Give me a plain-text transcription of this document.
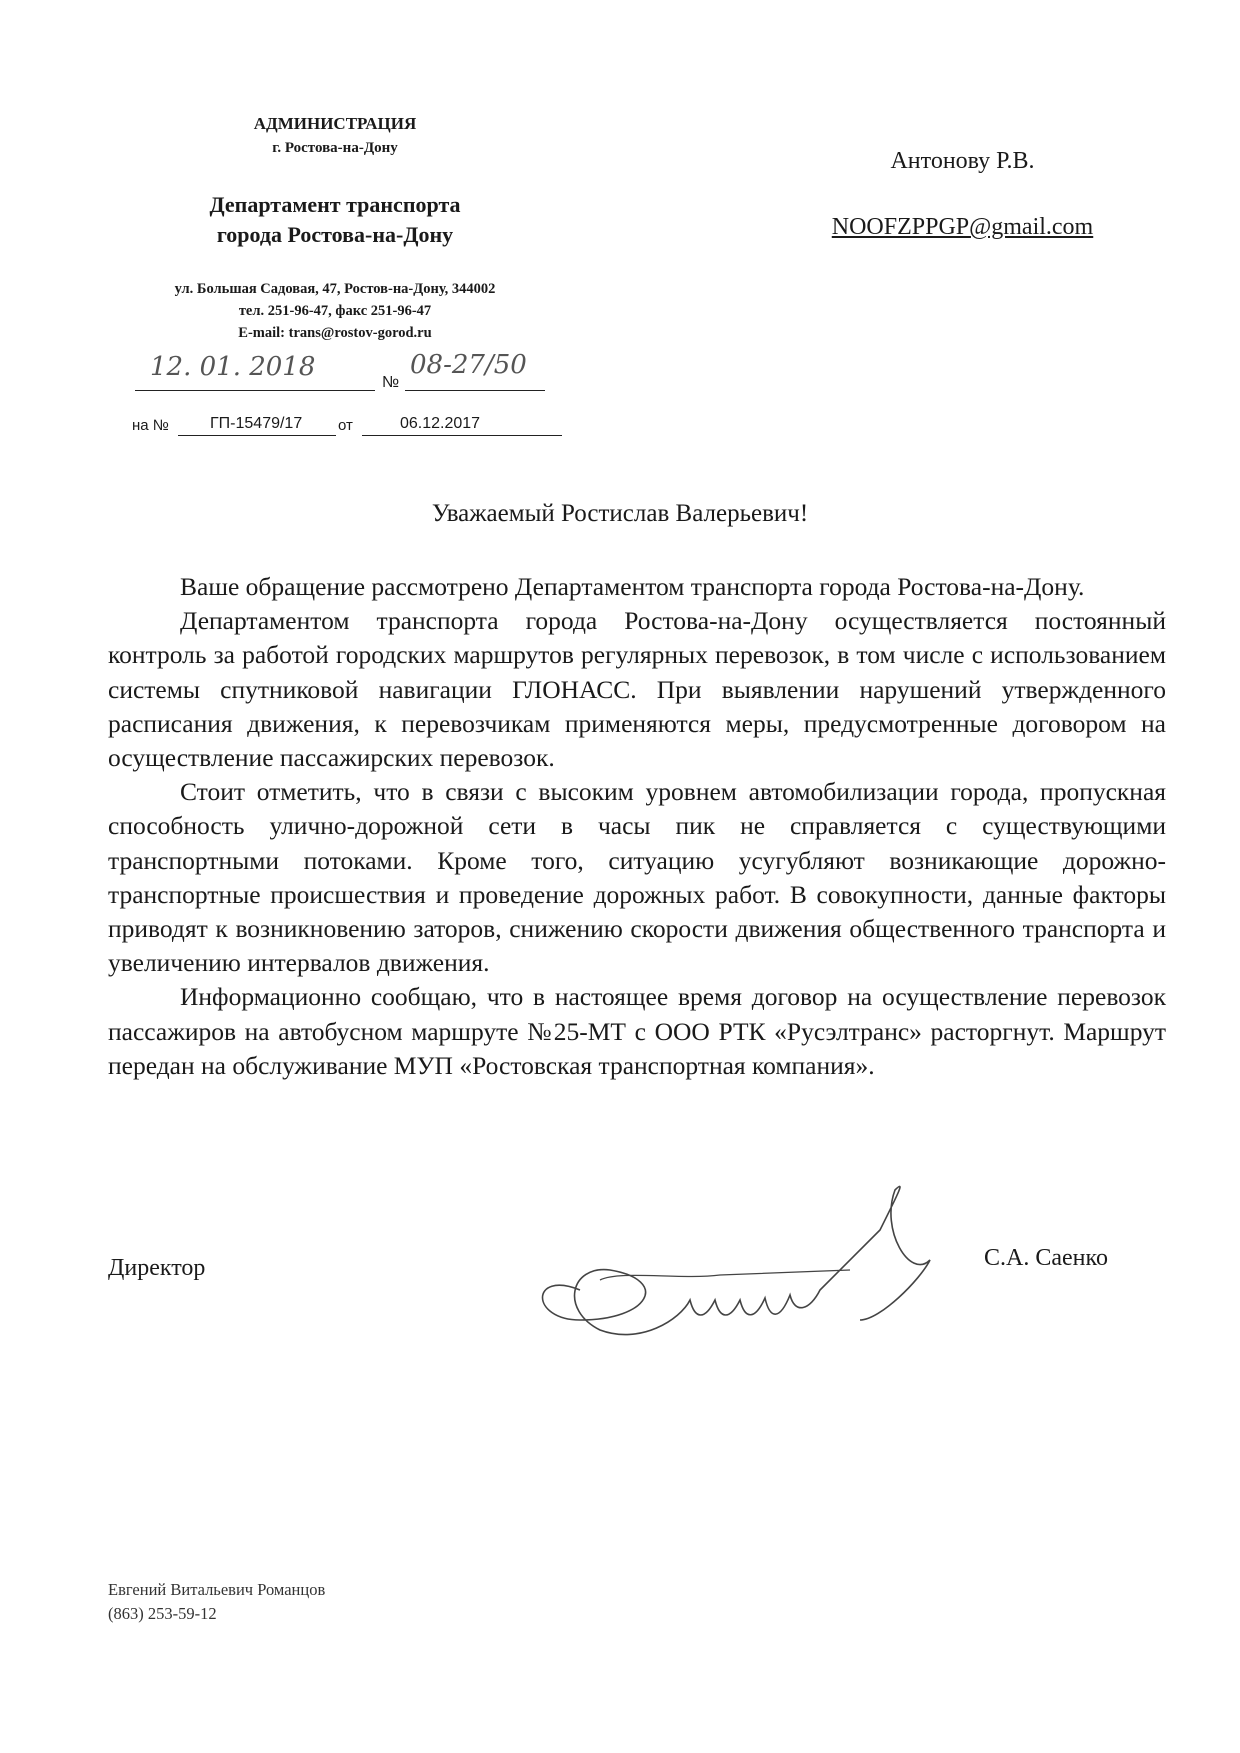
АДМИНИСТРАЦИЯ
г. Ростова-на-Дону
Департамент транспорта
города Ростова-на-Дону
ул. Большая Садовая, 47, Ростов-на-Дону, 344002
тел. 251-96-47, факс 251-96-47
E-mail: trans@rostov-gorod.ru
12. 01. 2018
№
08-27/50
на №	ГП-15479/17 от	06.12.2017
Антонову Р.В.
NOOFZPPGP@gmail.com
Уважаемый Ростислав Валерьевич!

Ваше обращение рассмотрено Департаментом транспорта города Ростова-на-Дону.

Департаментом транспорта города Ростова-на-Дону осуществляется постоянный контроль за работой городских маршрутов регулярных перевозок, в том числе с использованием системы спутниковой навигации ГЛОНАСС. При выявлении нарушений утвержденного расписания движения, к перевозчикам применяются меры, предусмотренные договором на осуществление пассажирских перевозок.

Стоит отметить, что в связи с высоким уровнем автомобилизации города, пропускная способность улично-дорожной сети в часы пик не справляется с существующими транспортными потоками. Кроме того, ситуацию усугубляют возникающие дорожно-транспортные происшествия и проведение дорожных работ. В совокупности, данные факторы приводят к возникновению заторов, снижению скорости движения общественного транспорта и увеличению интервалов движения.

Информационно сообщаю, что в настоящее время договор на осуществление перевозок пассажиров на автобусном маршруте №25-МТ с ООО РТК «Русэлтранс» расторгнут. Маршрут передан на обслуживание МУП «Ростовская транспортная компания».

Директор	С.А. Саенко
Евгений Витальевич Романцов
(863) 253-59-12
